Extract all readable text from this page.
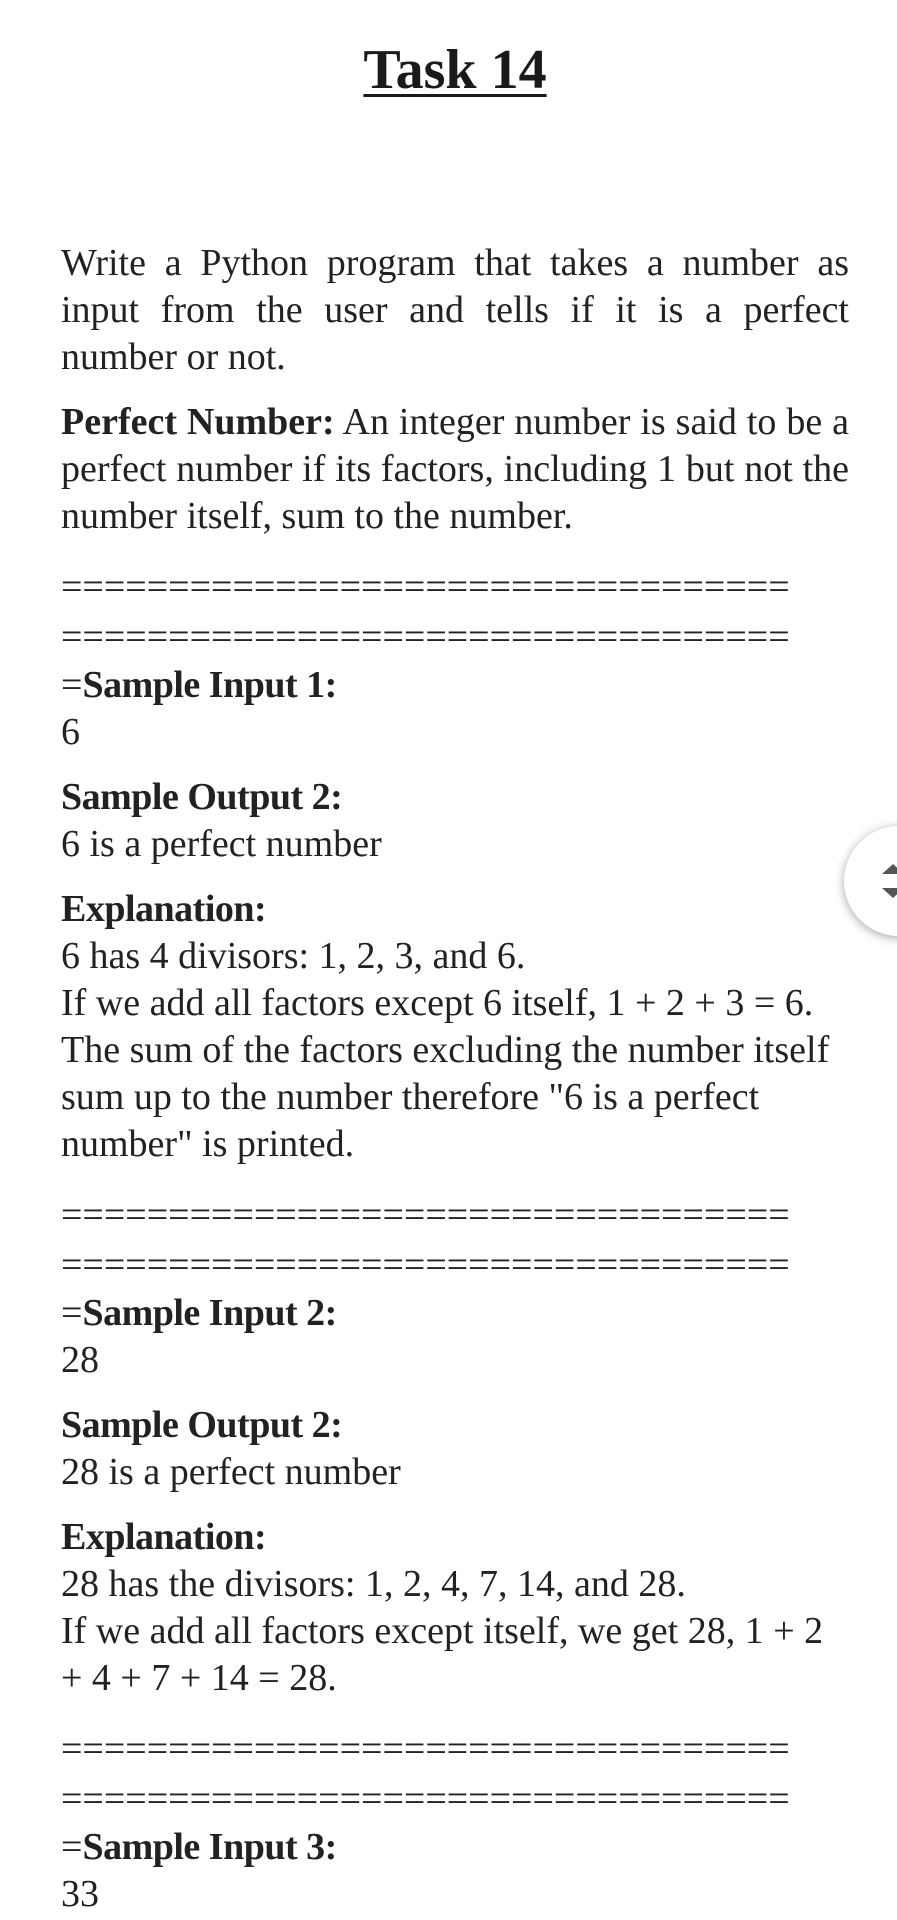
Task 14

Write a Python program that takes a number as input from the user and tells if it is a perfect number or not.

Perfect Number: An integer number is said to be a perfect number if its factors, including 1 but not the number itself, sum to the number.

==================================
==================================
=Sample Input 1:
6
Sample Output 2:
6 is a perfect number
Explanation:
6 has 4 divisors: 1, 2, 3, and 6.
If we add all factors except 6 itself, 1 + 2 + 3 = 6. The sum of the factors excluding the number itself sum up to the number therefore "6 is a perfect number" is printed.
==================================
==================================
=Sample Input 2:
28
Sample Output 2:
28 is a perfect number
Explanation:
28 has the divisors: 1, 2, 4, 7, 14, and 28.
If we add all factors except itself, we get 28, 1 + 2 + 4 + 7 + 14 = 28.
==================================
==================================
=Sample Input 3:
33
